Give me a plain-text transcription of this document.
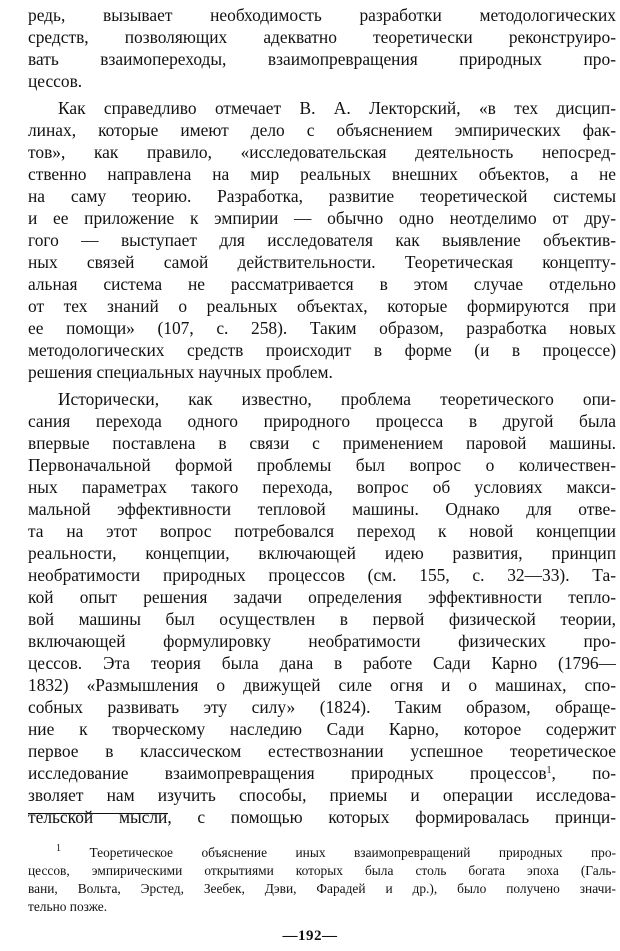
редь, вызывает необходимость разработки методологических
средств, позволяющих адекватно теоретически реконструиро-
вать взаимопереходы, взаимопревращения природных про-
цессов.
Как справедливо отмечает В. А. Лекторский, «в тех дисцип-
линах, которые имеют дело с объяснением эмпирических фак-
тов», как правило, «исследовательская деятельность непосред-
ственно направлена на мир реальных внешних объектов, а не
на саму теорию. Разработка, развитие теоретической системы
и ее приложение к эмпирии — обычно одно неотделимо от дру-
гого — выступает для исследователя как выявление объектив-
ных связей самой действительности. Теоретическая концепту-
альная система не рассматривается в этом случае отдельно
от тех знаний о реальных объектах, которые формируются при
ее помощи» (107, с. 258). Таким образом, разработка новых
методологических средств происходит в форме (и в процессе)
решения специальных научных проблем.
Исторически, как известно, проблема теоретического опи-
сания перехода одного природного процесса в другой была
впервые поставлена в связи с применением паровой машины.
Первоначальной формой проблемы был вопрос о количествен-
ных параметрах такого перехода, вопрос об условиях макси-
мальной эффективности тепловой машины. Однако для отве-
та на этот вопрос потребовался переход к новой концепции
реальности, концепции, включающей идею развития, принцип
необратимости природных процессов (см. 155, с. 32—33). Та-
кой опыт решения задачи определения эффективности тепло-
вой машины был осуществлен в первой физической теории,
включающей формулировку необратимости физических про-
цессов. Эта теория была дана в работе Сади Карно (1796—
1832) «Размышления о движущей силе огня и о машинах, спо-
собных развивать эту силу» (1824). Таким образом, обраще-
ние к творческому наследию Сади Карно, которое содержит
первое в классическом естествознании успешное теоретическое
исследование взаимопревращения природных процессов$^1$, по-
зволяет нам изучить способы, приемы и операции исследова-
тельской мысли, с помощью которых формировалась принци-
$^1$ Теоретическое объяснение иных взаимопревращений природных про-
цессов, эмпирическими открытиями которых была столь богата эпоха (Галь-
вани, Вольта, Эрстед, Зеебек, Дэви, Фарадей и др.), было получено значи-
тельно позже.
—192—
